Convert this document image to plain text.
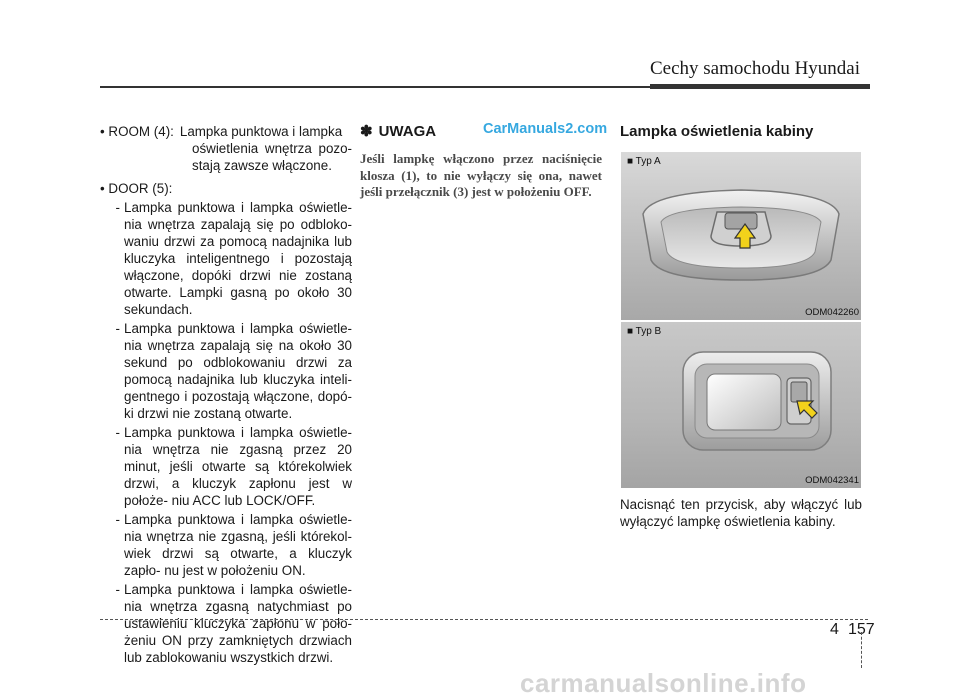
Cechy samochodu Hyundai
• ROOM (4): Lampka punktowa i lampka
oświetlenia wnętrza pozo- stają zawsze włączone.
• DOOR (5):
- Lampka punktowa i lampka oświetle- nia wnętrza zapalają się po odbloko- waniu drzwi za pomocą nadajnika lub kluczyka inteligentnego i pozostają włączone, dopóki drzwi nie zostaną otwarte. Lampki gasną po około 30 sekundach.
- Lampka punktowa i lampka oświetle- nia wnętrza zapalają się na około 30 sekund po odblokowaniu drzwi za pomocą nadajnika lub kluczyka inteli- gentnego i pozostają włączone, dopó- ki drzwi nie zostaną otwarte.
- Lampka punktowa i lampka oświetle- nia wnętrza nie zgasną przez 20 minut, jeśli otwarte są którekolwiek drzwi, a kluczyk zapłonu jest w położe- niu ACC lub LOCK/OFF.
- Lampka punktowa i lampka oświetle- nia wnętrza nie zgasną, jeśli którekol- wiek drzwi są otwarte, a kluczyk zapło- nu jest w położeniu ON.
- Lampka punktowa i lampka oświetle- nia wnętrza zgasną natychmiast po ustawieniu kluczyka zapłonu w poło- żeniu ON przy zamkniętych drzwiach lub zablokowaniu wszystkich drzwi.
✽ UWAGA
Jeśli lampkę włączono przez naciśnięcie klosza (1), to nie wyłączy się ona, nawet jeśli przełącznik (3) jest w położeniu OFF.
CarManuals2.com Lampka oświetlenia kabiny
■ Typ A
ODM042260
■ Typ B
ODM042341
Nacisnąć ten przycisk, aby włączyć lub wyłączyć lampkę oświetlenia kabiny.
4 157
carmanualsonline.info
